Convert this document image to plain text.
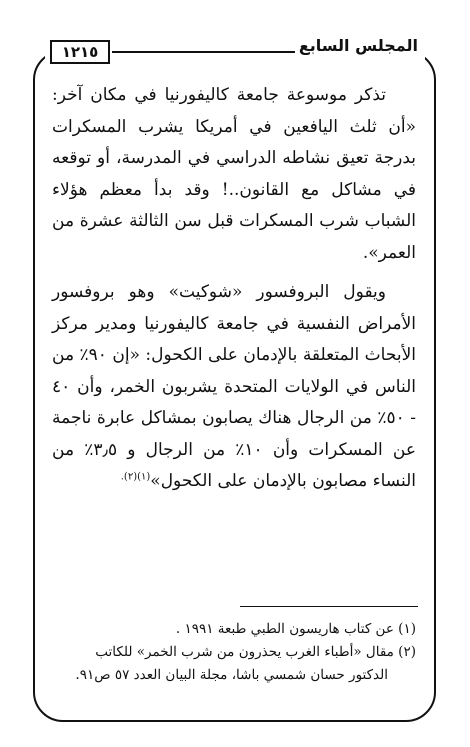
١٢١٥	المجلس السابع

تذكر موسوعة جامعة كاليفورنيا في مكان آخر: «أن ثلث اليافعين في أمريكا يشرب المسكرات بدرجة تعيق نشاطه الدراسي في المدرسة، أو توقعه في مشاكل مع القانون..! وقد بدأ معظم هؤلاء الشباب شرب المسكرات قبل سن الثالثة عشرة من العمر».

ويقول البروفسور «شوكيت» وهو بروفسور الأمراض النفسية في جامعة كاليفورنيا ومدير مركز الأبحاث المتعلقة بالإدمان على الكحول: «إن ٩٠٪ من الناس في الولايات المتحدة يشربون الخمر، وأن ٤٠ - ٥٠٪ من الرجال هناك يصابون بمشاكل عابرة ناجمة عن المسكرات وأن ١٠٪ من الرجال و ٣٫٥٪ من النساء مصابون بالإدمان على الكحول»$^{(١)(٢).}$

(١) عن كتاب هاريسون الطبي طبعة ١٩٩١ .

(٢) مقال «أطباء الغرب يحذرون من شرب الخمر» للكاتب
الدكتور حسان شمسي باشا، مجلة البيان العدد ٥٧ ص٩١.
